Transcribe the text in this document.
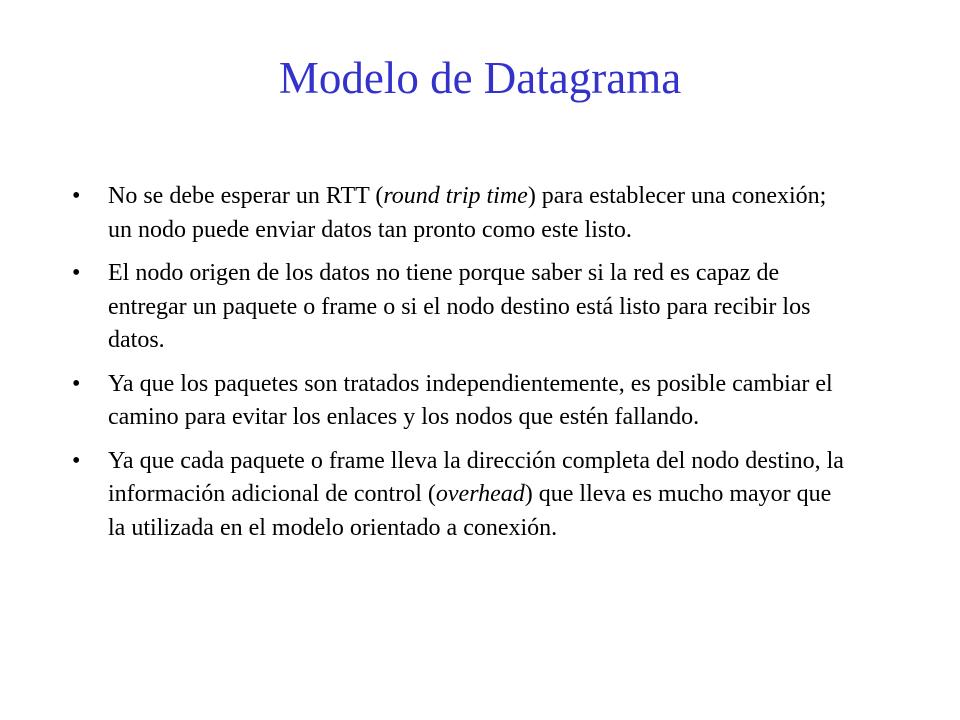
Modelo de Datagrama
•	No se debe esperar un RTT (round trip time) para establecer una conexión; un nodo puede enviar datos tan pronto como este listo.
•	El nodo origen de los datos no tiene porque saber si la red es capaz de entregar un paquete o frame o si el nodo destino está listo para recibir los datos.
•	Ya que los paquetes son tratados independientemente, es posible cambiar el camino para evitar los enlaces y los nodos que estén fallando.
•	Ya que cada paquete o frame lleva la dirección completa del nodo destino, la información adicional de control (overhead) que lleva es mucho mayor que la utilizada en el modelo orientado a conexión.
